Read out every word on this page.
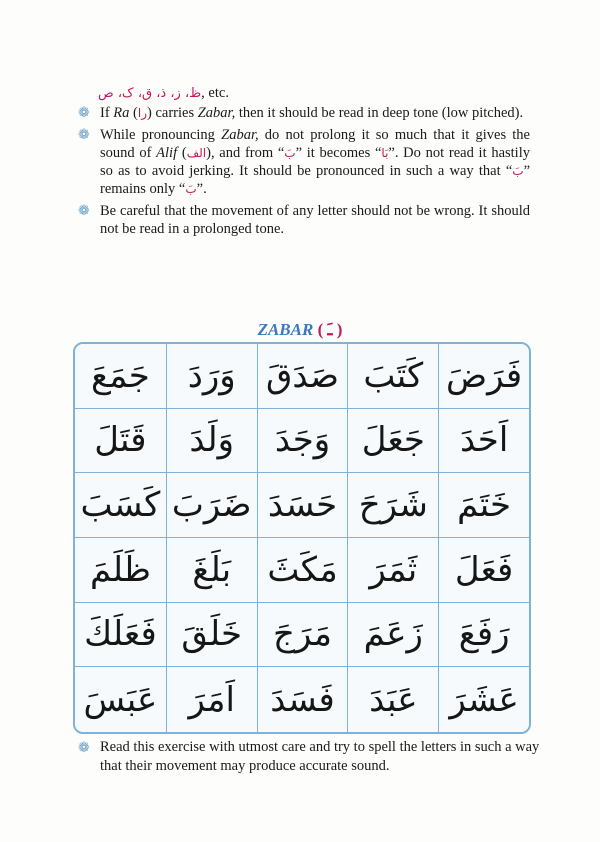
ظ، ز، ذ، ق، ک، ص, etc.
❁ If Ra (را) carries Zabar, then it should be read in deep tone (low pitched).
❁ While pronouncing Zabar, do not prolong it so much that it gives the sound of Alif (الف), and from “بَ” it becomes “بَا”. Do not read it hastily so as to avoid jerking. It should be pronounced in such a way that “بَ” remains only “بَ”.
❁ Be careful that the movement of any letter should not be wrong. It should not be read in a prolonged tone.
ZABAR ( ـَ )
فَرَضَ
كَتَبَ
صَدَقَ
وَرَدَ
جَمَعَ
اَحَدَ
جَعَلَ
وَجَدَ
وَلَدَ
قَتَلَ
خَتَمَ
شَرَحَ
حَسَدَ
ضَرَبَ
كَسَبَ
فَعَلَ
ثَمَرَ
مَكَثَ
بَلَغَ
ظَلَمَ
رَفَعَ
زَعَمَ
مَرَجَ
خَلَقَ
فَعَلَكَ
عَشَرَ
عَبَدَ
فَسَدَ
اَمَرَ
عَبَسَ
❁ Read this exercise with utmost care and try to spell the letters in such a way that their movement may produce accurate sound.
